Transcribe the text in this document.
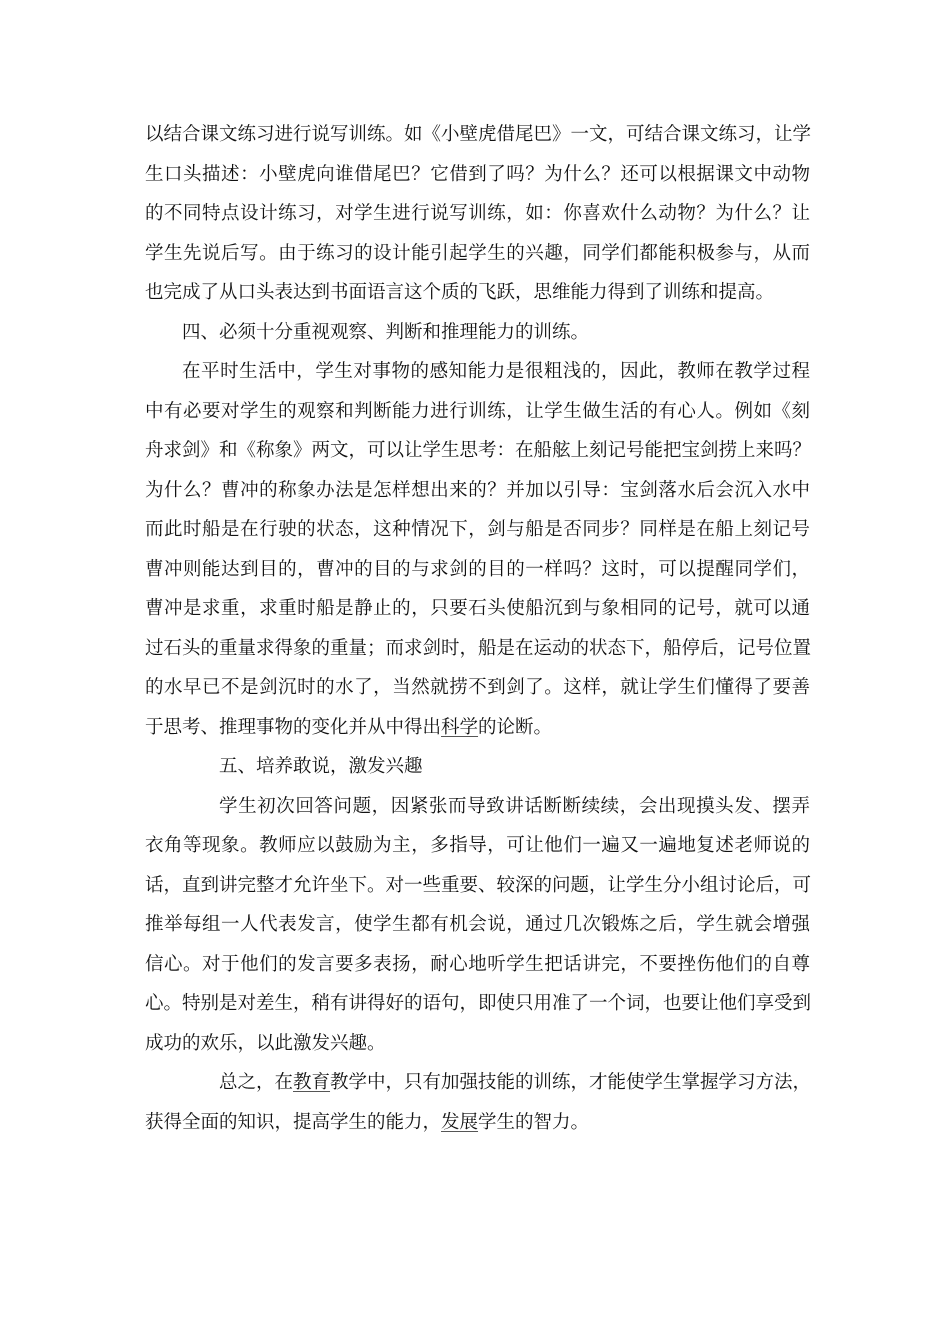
以结合课文练习进行说写训练。如《小壁虎借尾巴》一文，可结合课文练习，让学
生口头描述：小壁虎向谁借尾巴？它借到了吗？为什么？还可以根据课文中动物
的不同特点设计练习，对学生进行说写训练，如：你喜欢什么动物？为什么？让
学生先说后写。由于练习的设计能引起学生的兴趣，同学们都能积极参与，从而
也完成了从口头表达到书面语言这个质的飞跃，思维能力得到了训练和提高。
四、必须十分重视观察、判断和推理能力的训练。
在平时生活中，学生对事物的感知能力是很粗浅的，因此，教师在教学过程
中有必要对学生的观察和判断能力进行训练，让学生做生活的有心人。例如《刻
舟求剑》和《称象》两文，可以让学生思考：在船舷上刻记号能把宝剑捞上来吗？
为什么？曹冲的称象办法是怎样想出来的？并加以引导：宝剑落水后会沉入水中
而此时船是在行驶的状态，这种情况下，剑与船是否同步？同样是在船上刻记号
曹冲则能达到目的，曹冲的目的与求剑的目的一样吗？这时，可以提醒同学们，
曹冲是求重，求重时船是静止的，只要石头使船沉到与象相同的记号，就可以通
过石头的重量求得象的重量；而求剑时，船是在运动的状态下，船停后，记号位置
的水早已不是剑沉时的水了，当然就捞不到剑了。这样，就让学生们懂得了要善
于思考、推理事物的变化并从中得出科学的论断。
五、培养敢说，激发兴趣
学生初次回答问题，因紧张而导致讲话断断续续，会出现摸头发、摆弄
衣角等现象。教师应以鼓励为主，多指导，可让他们一遍又一遍地复述老师说的
话，直到讲完整才允许坐下。对一些重要、较深的问题，让学生分小组讨论后，可
推举每组一人代表发言，使学生都有机会说，通过几次锻炼之后，学生就会增强
信心。对于他们的发言要多表扬，耐心地听学生把话讲完，不要挫伤他们的自尊
心。特别是对差生，稍有讲得好的语句，即使只用准了一个词，也要让他们享受到
成功的欢乐，以此激发兴趣。
总之，在教育教学中，只有加强技能的训练，才能使学生掌握学习方法，
获得全面的知识，提高学生的能力，发展学生的智力。
